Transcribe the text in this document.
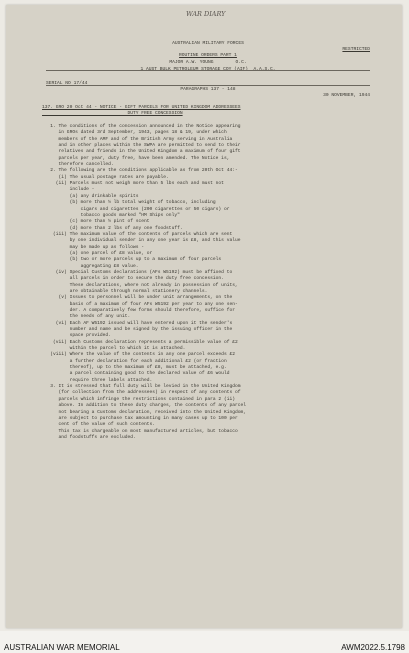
WAR DIARY

AUSTRALIAN MILITARY FORCES

RESTRICTED

ROUTINE ORDERS PART 1

MAJOR A.W. YOUNG        O.C.

1 AUST BULK PETROLEUM STORAGE COY (AIF)  A.A.S.C.

SERIAL NO 17/44

PARAGRAPHS 137 - 148

30 NOVEMBER, 1944

137. GRO 20 Oct 44 - NOTICE - GIFT PARCELS FOR UNITED KINGDOM ADDRESSEES
DUTY FREE CONCESSION
1. The conditions of the concession announced in the Notice appearing
in GROs dated 3rd September, 1943, pages 18 & 19, under which
members of the AMF and of the British Army serving in Australia
and in other places within the SWPA are permitted to send to their
relatives and friends in the United Kingdom a maximum of four gift
parcels per year, duty free, have been amended. The Notice is,
therefore cancelled.
2. The following are the conditions applicable as from 20th Oct 44:-
(i) The usual postage rates are payable.
(ii) Parcels must not weigh more than 5 lbs each and must not
include -
(a) any drinkable spirits
(b) more than ½ lb total weight of tobacco, including
cigars and cigarettes (200 cigarettes or 50 cigars) or
tobacco goods marked "HM Ships only"
(c) more than ½ pint of scent
(d) more than 2 lbs of any one foodstuff.
(iii) The maximum value of the contents of parcels which are sent
by one individual sender in any one year is £8, and this value
may be made up as follows -
(a) one parcel of £8 value, or
(b) two or more parcels up to a maximum of four parcels
aggregating £8 value.
(iv) Special Customs declarations (AFs W5192) must be affixed to
all parcels in order to secure the duty free concession.
These declarations, where not already in possession of units,
are obtainable through normal stationery channels.
(v) Issues to personnel will be under unit arrangements, on the
basis of a maximum of four AFs W5192 per year to any one sen-
der. A comparatively few forms should therefore, suffice for
the needs of any unit.
(vi) Each AF W5192 issued will have entered upon it the sender's
number and name and be signed by the issuing officer in the
space provided.
(vii) Each Customs declaration represents a permissible value of £2
within the parcel to which it is attached.
(viii) Where the value of the contents in any one parcel exceeds £2
a further declaration for each additional £2 (or fraction
thereof), up to the maximum of £8, must be attached, e.g.
a parcel containing good to the declared value of £6 would
require three labels attached.
3. It is stressed that full duty will be levied in the United Kingdom
(for collection from the addressees) in respect of any contents of
parcels which infringe the restrictions contained in para 2 (ii)
above. In addition to these duty charges, the contents of any parcel
not bearing a Customs declaration, received into the United Kingdom,
are subject to purchase tax amounting in many cases up to 100 per
cent of the value of such contents.
This tax is chargeable on most manufactured articles, but tobacco
and foodstuffs are excluded.
AUSTRALIAN WAR MEMORIAL	AWM2022.5.1798
